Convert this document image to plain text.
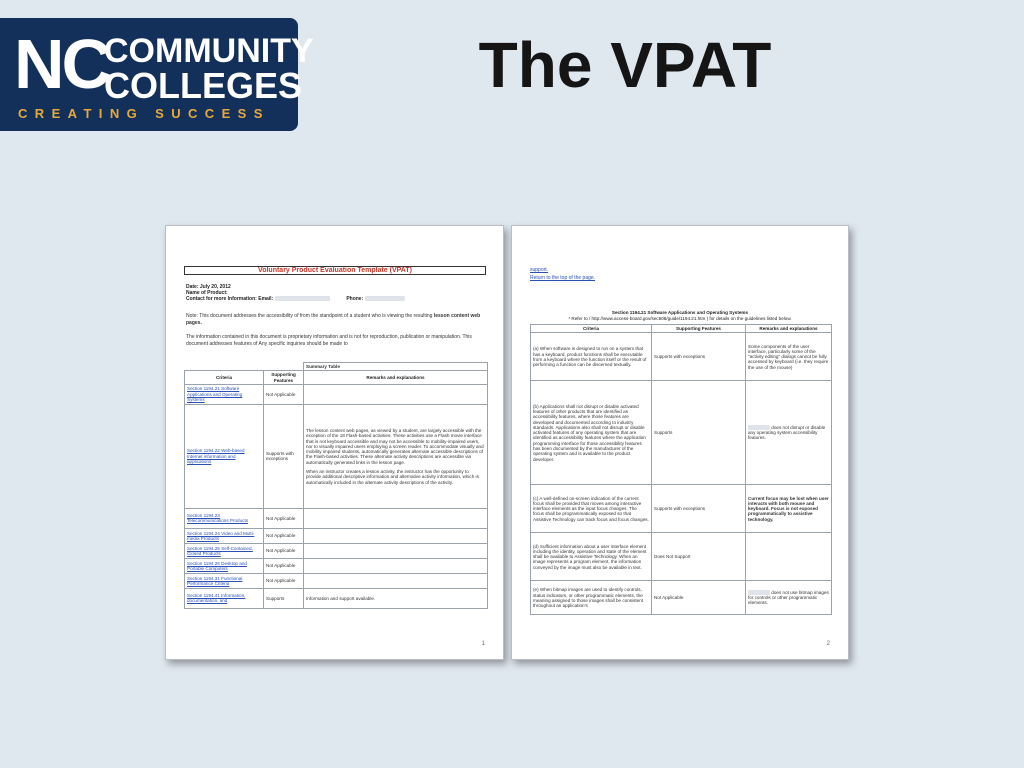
NC
COMMUNITY
COLLEGES
CREATING SUCCESS
The VPAT
Voluntary Product Evaluation Template (VPAT)
Date: July 20, 2012
Name of Product:
Contact for more Information: Email:	Phone:
Note: This document addresses the accessibility of from the standpoint of a student who is viewing the resulting lesson content web pages.
The information contained in this document is proprietary information and is not for reproduction, publication or manipulation. This document addresses features of Any specific inquiries should be made to
		Summary Table
Criteria	Supporting Features	Remarks and explanations
Section 1194.21 Software Applications and Operating Systems	Not Applicable	
Section 1194.22 Web-based Internet information and applications	Supports with exceptions	The lesson content web pages, as viewed by a student, are largely accessible with the exception of the 18 Flash-based activities. These activities use a Flash movie interface that is not keyboard accessible and may not be accessible to mobility-impaired users, nor to visually impaired users employing a screen reader. To accommodate visually and mobility impaired students, automatically generates alternate accessible descriptions of the Flash-based activities. These alternate activity descriptions are accessible via automatically generated links in the lesson page.
When an instructor creates a lesson activity, the instructor has the opportunity to provide additional descriptive information and alternative activity information, which is automatically included in the alternate activity descriptions of the activity.

Section 1194.23 Telecommunications Products	Not Applicable	
Section 1194.24 Video and Multi-media Products	Not Applicable	
Section 1194.25 Self-Contained, Closed Products	Not Applicable	
Section 1194.26 Desktop and Portable Computers	Not Applicable	
Section 1194.31 Functional Performance Criteria	Not Applicable	
Section 1194.41 Information, documentation, and	Supports	Information and support available.
1
support.
Return to the top of the page.
Section 1194.21 Software Applications and Operating Systems
* Refer to / http://www.access-board.gov/sec508/guide/1194.21.htm ) for details on the guidelines listed below.
Criteria	Supporting Features	Remarks and explanations
(a) When software is designed to run on a system that has a keyboard, product functions shall be executable from a keyboard where the function itself or the result of performing a function can be discerned textually.	Supports with exceptions	Some components of the user interface, particularly some of the "activity editing" dialogs cannot be fully accessed by keyboard (i.e. they require the use of the mouse)
(b) Applications shall not disrupt or disable activated features of other products that are identified as accessibility features, where those features are developed and documented according to industry standards. Applications also shall not disrupt or disable activated features of any operating system that are identified as accessibility features where the application programming interface for those accessibility features has been documented by the manufacturer of the operating system and is available to the product developer.	Supports	does not disrupt or disable any operating system accessibility features.
(c) A well-defined on-screen indication of the current focus shall be provided that moves among interactive interface elements as the input focus changes. The focus shall be programmatically exposed so that Assistive Technology can track focus and focus changes.	Supports with exceptions	Current focus may be lost when user interacts with both mouse and keyboard. Focus is not exposed programmatically to assistive technology.
(d) Sufficient information about a user interface element including the identity, operation and state of the element shall be available to Assistive Technology. When an image represents a program element, the information conveyed by the image must also be available in text.	Does Not Support	
(e) When bitmap images are used to identify controls, status indicators, or other programmatic elements, the meaning assigned to those images shall be consistent throughout an application's	Not Applicable	does not use bitmap images for controls or other programmatic elements.
2
